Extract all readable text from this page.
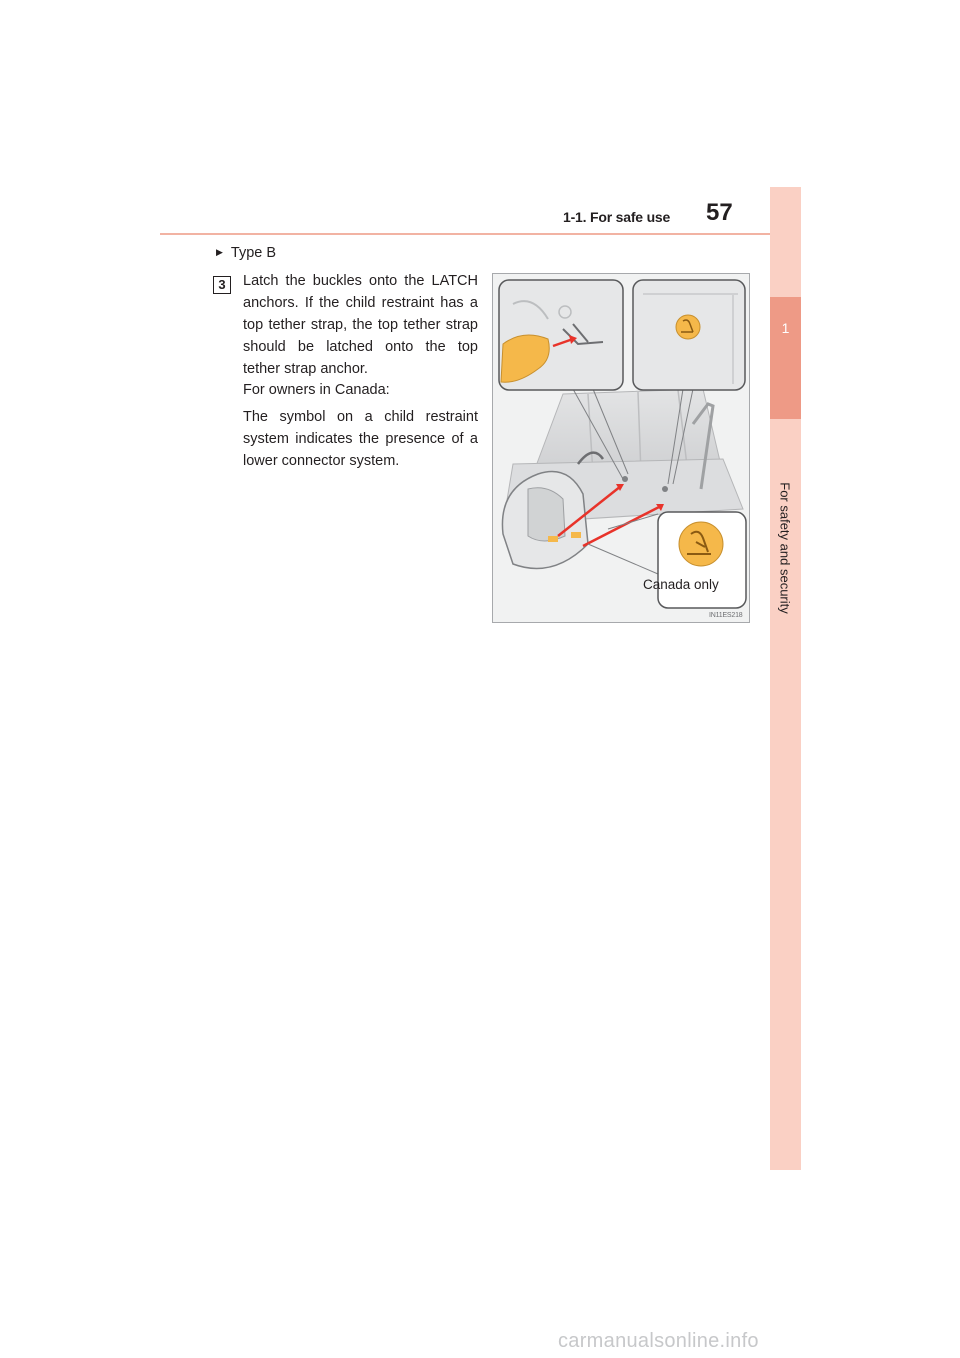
1-1. For safe use 57
1
For safety and security
▶ Type B
3	Latch the buckles onto the LATCH anchors. If the child restraint has a top tether strap, the top tether strap should be latched onto the top tether strap anchor.
For owners in Canada:
The symbol on a child restraint system indicates the presence of a lower connector system.
Canada only
IN11ES218
carmanualsonline.info
